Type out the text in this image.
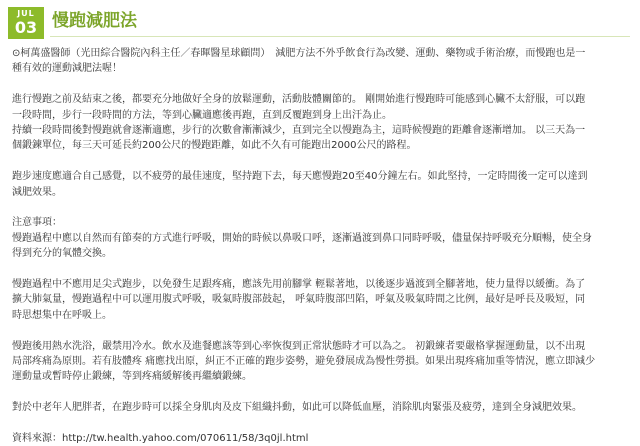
JUL
03 慢跑減肥法

⊙柯萬盛醫師（光田綜合醫院內科主任／春暉醫星球顧問）　減肥方法不外乎飲食行為改變、運動、藥物或手術治療，而慢跑也是一
種有效的運動減肥法喔！

進行慢跑之前及結束之後，都要充分地做好全身的放鬆運動，活動肢體關節的。 剛開始進行慢跑時可能感到心臟不太舒服，可以跑
一段時間，步行一段時間的方法，等到心臟適應後再跑，直到反覆跑到身上出汗為止。
持續一段時間後對慢跑就會逐漸適應，步行的次數會漸漸減少，直到完全以慢跑為主，這時候慢跑的距離會逐漸增加。 以三天為一
個鍛鍊單位，每三天可延長約200公尺的慢跑距離，如此不久有可能跑出2000公尺的路程。

跑步速度應適合自己感覺，以不疲勞的最佳速度，堅持跑下去，每天應慢跑20至40分鐘左右。如此堅持，一定時間後一定可以達到
減肥效果。

注意事項：
慢跑過程中應以自然而有節奏的方式進行呼吸，開始的時候以鼻吸口呼，逐漸過渡到鼻口同時呼吸，儘量保持呼吸充分順暢，使全身
得到充分的氧體交換。

慢跑過程中不應用足尖式跑步，以免發生足跟疼痛，應該先用前腳掌 輕鬆著地，以後逐步過渡到全腳著地，使力量得以緩衝。為了
擴大肺氣量，慢跑過程中可以運用腹式呼吸，吸氣時腹部鼓起， 呼氣時腹部凹陷，呼氣及吸氣時間之比例，最好是呼長及吸短，同
時思想集中在呼吸上。

慢跑後用熱水洗浴，嚴禁用冷水。飲水及進餐應該等到心率恢復到正常狀態時才可以為之。 初鍛練者要嚴格掌握運動量，以不出現
局部疼痛為原則。若有肢體疼 痛應找出原，糾正不正確的跑步姿勢，避免發展成為慢性勞損。如果出現疼痛加重等情況，應立即減少
運動量或暫時停止鍛練，等到疼痛緩解後再繼續鍛練。

對於中老年人肥胖者，在跑步時可以採全身肌肉及皮下組織抖動，如此可以降低血壓，消除肌肉緊張及疲勞，達到全身減肥效果。

資料來源：http://tw.health.yahoo.com/070611/58/3q0jl.html
